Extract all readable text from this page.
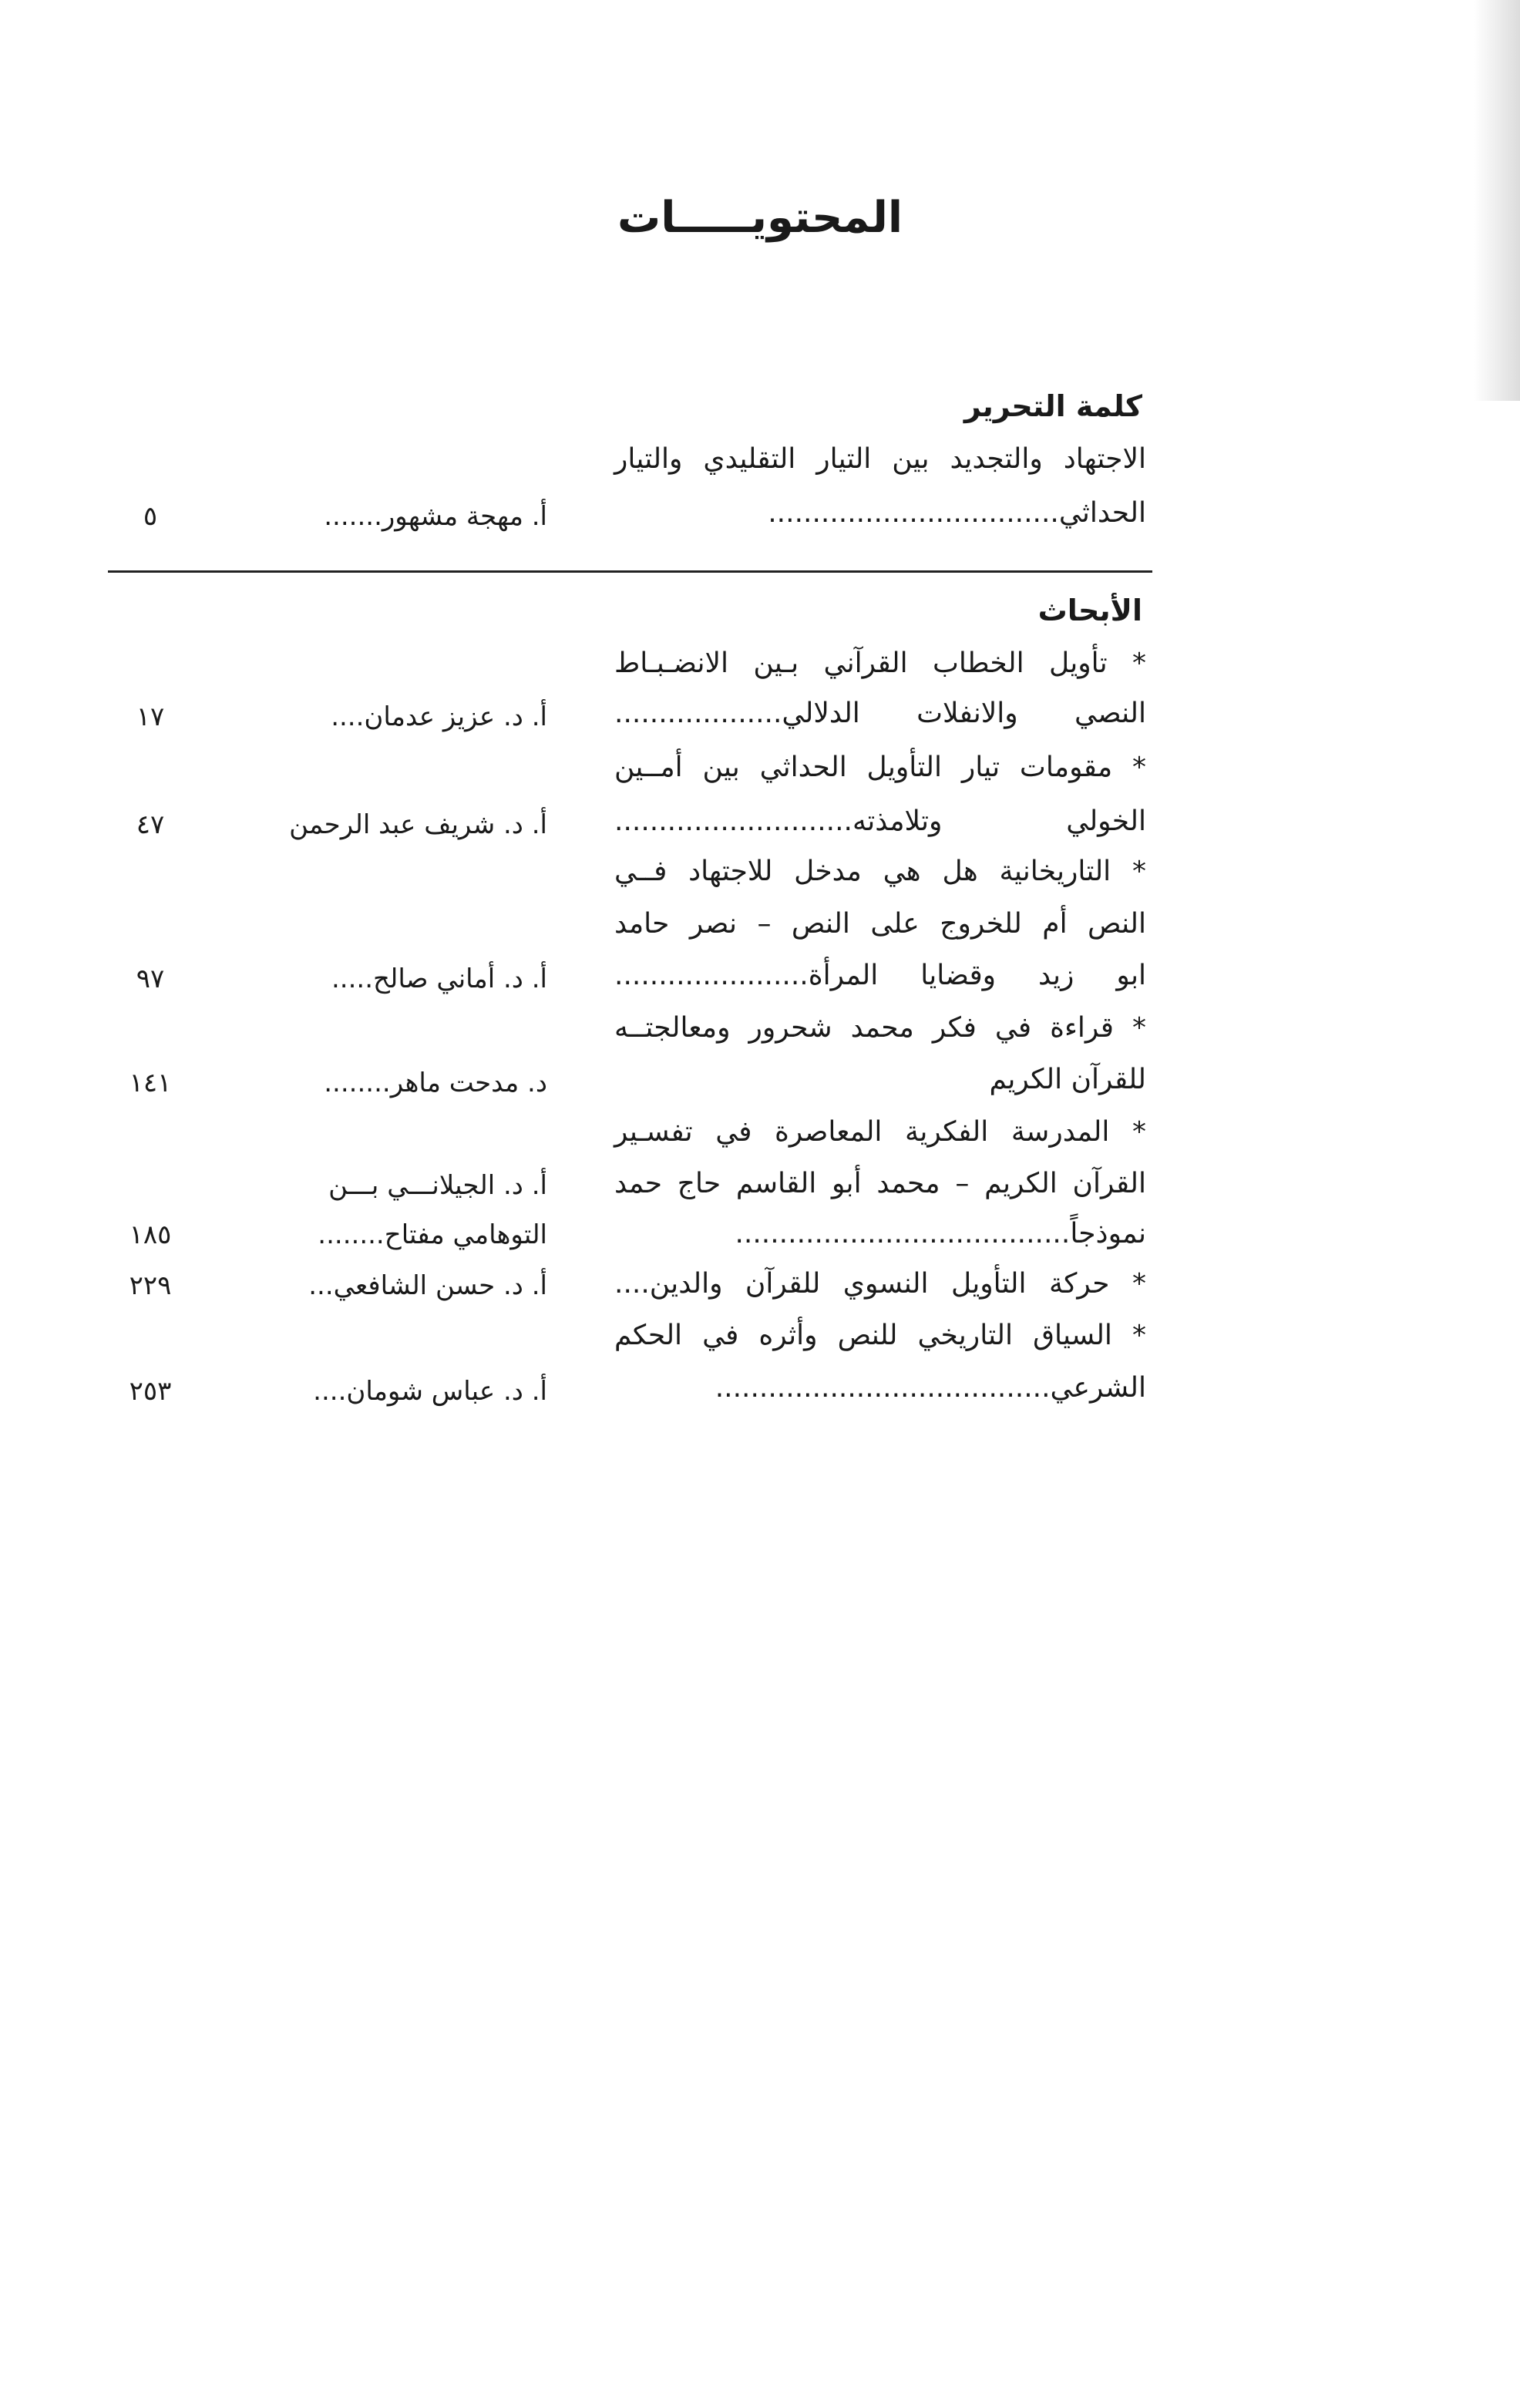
المحتويـــــات
كلمة التحرير
الاجتهاد والتجديد بين التيار التقليدي والتيار
الحداثي.................................
أ. مهجة مشهور.......
٥
الأبحاث
* تأويل الخطاب القرآني بـين الانضـبـاط
النصي والانفلات الدلالي...................
أ. د. عزيز عدمان....
١٧
* مقومات تيار التأويل الحداثي بين أمــين
الخولي وتلامذته...........................
أ. د. شريف عبد الرحمن
٤٧
* التاريخانية هل هي مدخل للاجتهاد فــي
النص أم للخروج على النص – نصر حامد
ابو زيد وقضايا المرأة......................
أ. د. أماني صالح.....
٩٧
* قراءة في فكر محمد شحرور ومعالجتــه
للقرآن الكريم
د. مدحت ماهر........
١٤١
* المدرسة الفكرية المعاصرة في تفسـير
القرآن الكريم – محمد أبو القاسم حاج حمد
نموذجاً......................................
أ. د. الجيلانـــي بـــن
التوهامي مفتاح........
١٨٥
* حركة التأويل النسوي للقرآن والدين....
أ. د. حسن الشافعي...
٢٢٩
* السياق التاريخي للنص وأثره في الحكم
الشرعي......................................
أ. د. عباس شومان....
٢٥٣
